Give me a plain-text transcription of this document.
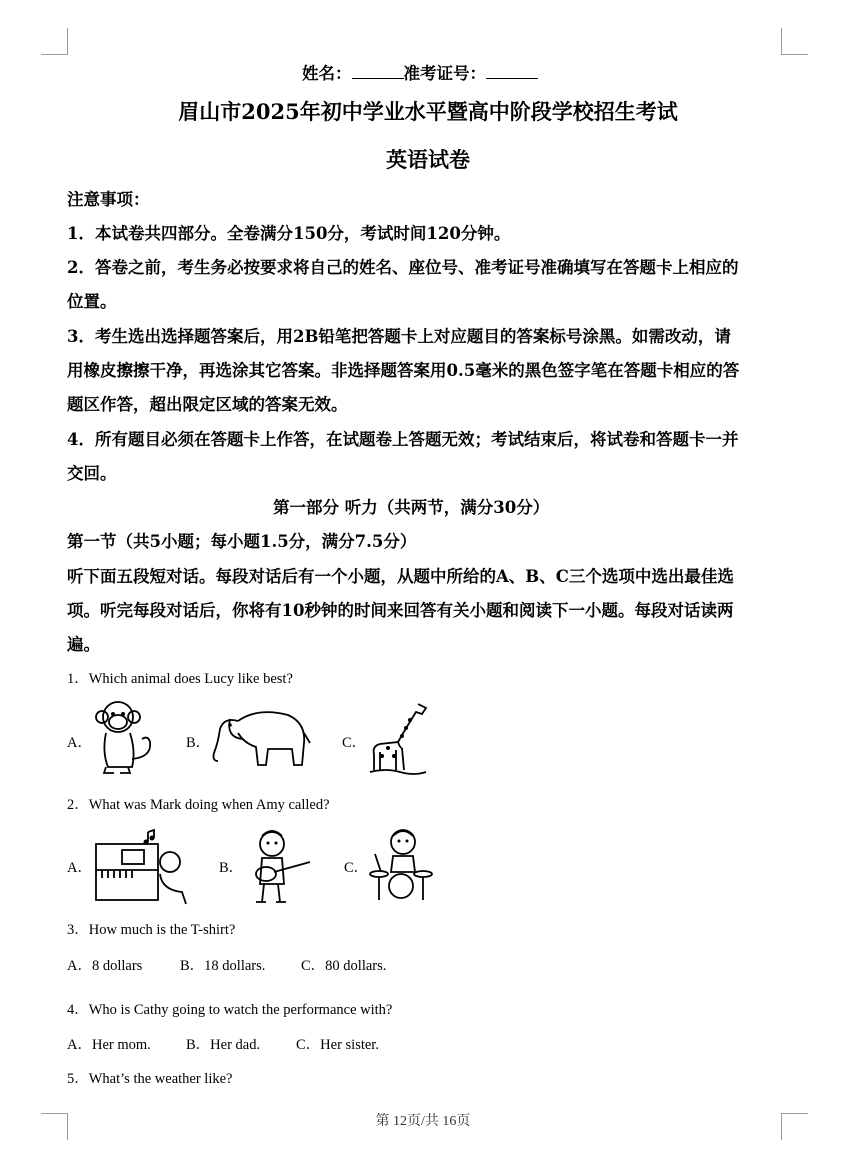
姓名：	准考证号：
眉山市2025年初中学业水平暨高中阶段学校招生考试
英语试卷
注意事项：
1．本试卷共四部分。全卷满分150分，考试时间120分钟。
2．答卷之前，考生务必按要求将自己的姓名、座位号、准考证号准确填写在答题卡上相应的
位置。
3．考生选出选择题答案后，用2B铅笔把答题卡上对应题目的答案标号涂黑。如需改动，请
用橡皮擦擦干净，再选涂其它答案。非选择题答案用0.5毫米的黑色签字笔在答题卡相应的答
题区作答，超出限定区域的答案无效。
4．所有题目必须在答题卡上作答，在试题卷上答题无效；考试结束后，将试卷和答题卡一并
交回。
第一部分 听力（共两节，满分30分）
第一节（共5小题；每小题1.5分，满分7.5分）
听下面五段短对话。每段对话后有一个小题，从题中所给的A、B、C三个选项中选出最佳选
项。听完每段对话后，你将有10秒钟的时间来回答有关小题和阅读下一小题。每段对话读两
遍。
1．Which animal does Lucy like best?
A．	B．	C．
2．What was Mark doing when Amy called?
A．	B．	C．
3．How much is the T-shirt?
A．8 dollars	B．18 dollars. C．80 dollars.
4．Who is Cathy going to watch the performance with?
A．Her mom. B．Her dad. C．Her sister.
5．What’s the weather like?
第 12页/共 16页
